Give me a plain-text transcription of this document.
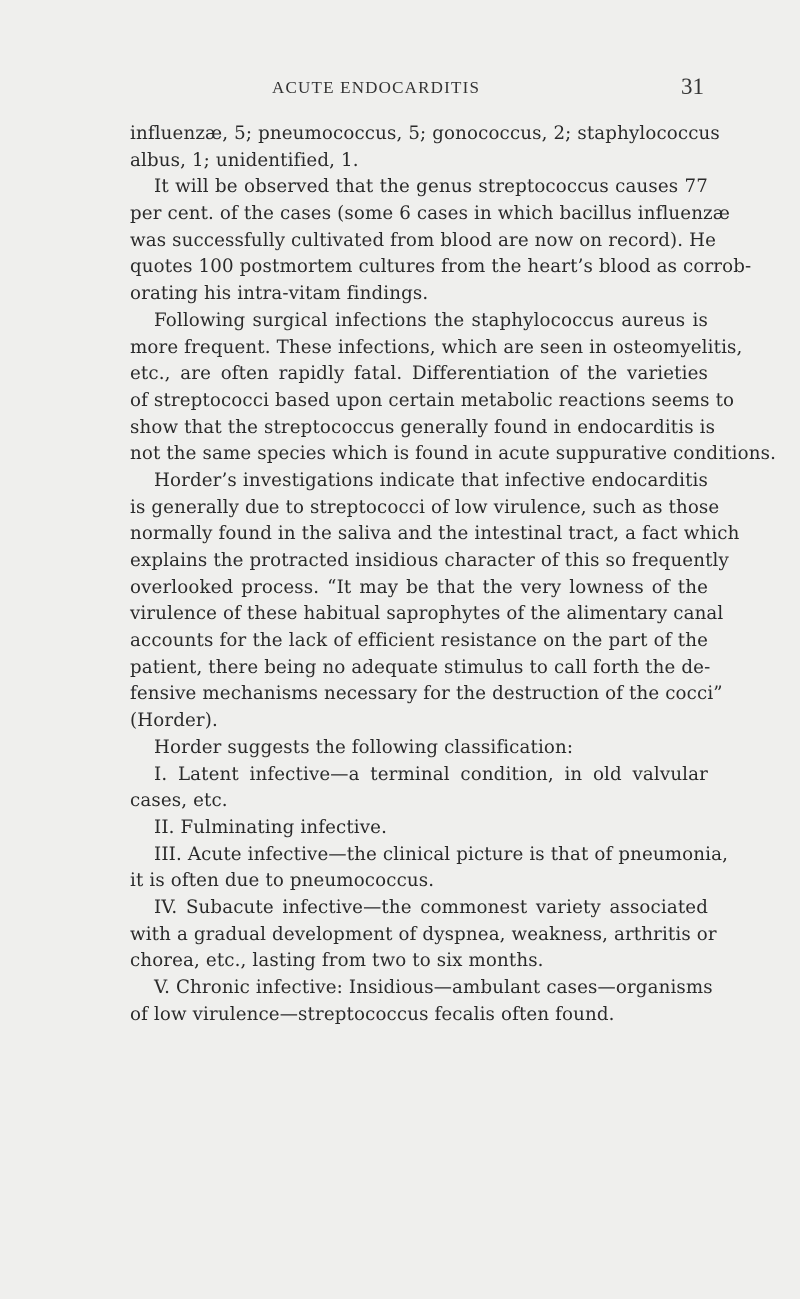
ACUTE ENDOCARDITIS	31
influenzæ, 5; pneumococcus, 5; gonococcus, 2; staphylococcus
albus, 1; unidentified, 1.
It will be observed that the genus streptococcus causes 77
per cent. of the cases (some 6 cases in which bacillus influenzæ
was successfully cultivated from blood are now on record). He
quotes 100 postmortem cultures from the heart’s blood as corrob-
orating his intra-vitam findings.
Following surgical infections the staphylococcus aureus is
more frequent. These infections, which are seen in osteomyelitis,
etc., are often rapidly fatal. Differentiation of the varieties
of streptococci based upon certain metabolic reactions seems to
show that the streptococcus generally found in endocarditis is
not the same species which is found in acute suppurative conditions.
Horder’s investigations indicate that infective endocarditis
is generally due to streptococci of low virulence, such as those
normally found in the saliva and the intestinal tract, a fact which
explains the protracted insidious character of this so frequently
overlooked process. “It may be that the very lowness of the
virulence of these habitual saprophytes of the alimentary canal
accounts for the lack of efficient resistance on the part of the
patient, there being no adequate stimulus to call forth the de-
fensive mechanisms necessary for the destruction of the cocci”
(Horder).
Horder suggests the following classification:
I. Latent infective—a terminal condition, in old valvular
cases, etc.
II. Fulminating infective.
III. Acute infective—the clinical picture is that of pneumonia,
it is often due to pneumococcus.
IV. Subacute infective—the commonest variety associated
with a gradual development of dyspnea, weakness, arthritis or
chorea, etc., lasting from two to six months.
V. Chronic infective: Insidious—ambulant cases—organisms
of low virulence—streptococcus fecalis often found.
